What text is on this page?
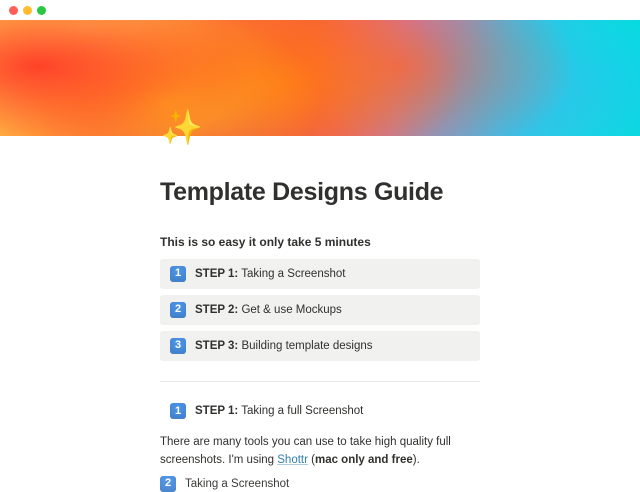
✨
Template Designs Guide
This is so easy it only take 5 minutes
1	STEP 1: Taking a Screenshot
2	STEP 2: Get & use Mockups
3	STEP 3: Building template designs
1	STEP 1: Taking a full Screenshot

There are many tools you can use to take high quality full screenshots. I'm using Shottr (mac only and free).

2	Taking a Screenshot
